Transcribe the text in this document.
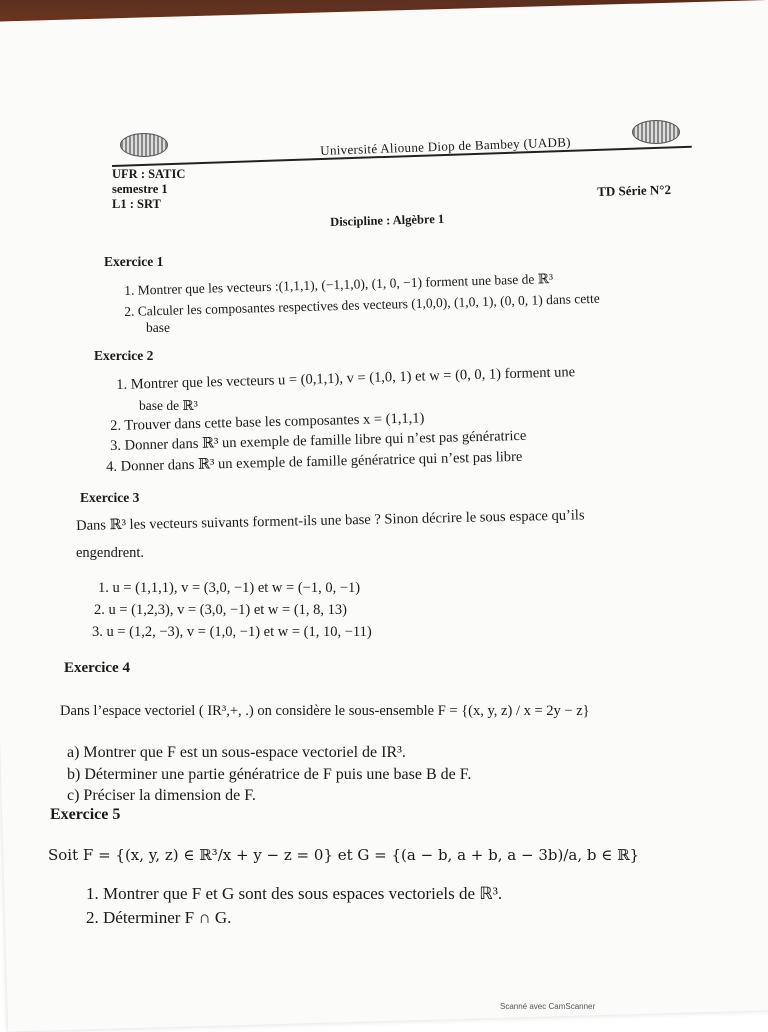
Université Alioune Diop de Bambey (UADB)
UFR : SATIC
semestre 1
L1 : SRT
TD Série N°2
Discipline : Algèbre 1
Exercice 1
1. Montrer que les vecteurs :(1,1,1), (−1,1,0), (1, 0, −1) forment une base de ℝ³
2. Calculer les composantes respectives des vecteurs (1,0,0), (1,0, 1), (0, 0, 1) dans cette
base
Exercice 2
1. Montrer que les vecteurs u = (0,1,1), v = (1,0, 1) et w = (0, 0, 1) forment une
base de ℝ³
2. Trouver dans cette base les composantes x = (1,1,1)
3. Donner dans ℝ³ un exemple de famille libre qui n’est pas génératrice
4. Donner dans ℝ³ un exemple de famille génératrice qui n’est pas libre
Exercice 3
Dans ℝ³ les vecteurs suivants forment-ils une base ? Sinon décrire le sous espace qu’ils
engendrent.
1. u = (1,1,1), v = (3,0, −1) et w = (−1, 0, −1)
2. u = (1,2,3), v = (3,0, −1) et w = (1, 8, 13)
3. u = (1,2, −3), v = (1,0, −1) et w = (1, 10, −11)
Exercice 4
Dans l’espace vectoriel ( IR³,+, .) on considère le sous-ensemble F = {(x, y, z) / x = 2y − z}
a) Montrer que F est un sous-espace vectoriel de IR³.
b) Déterminer une partie génératrice de F puis une base B de F.
c) Préciser la dimension de F.
Exercice 5
Soit F = {(x, y, z) ∈ ℝ³/x + y − z = 0} et G = {(a − b, a + b, a − 3b)/a, b ∈ ℝ}
1. Montrer que F et G sont des sous espaces vectoriels de ℝ³.
2. Déterminer F ∩ G.
Scanné avec CamScanner
